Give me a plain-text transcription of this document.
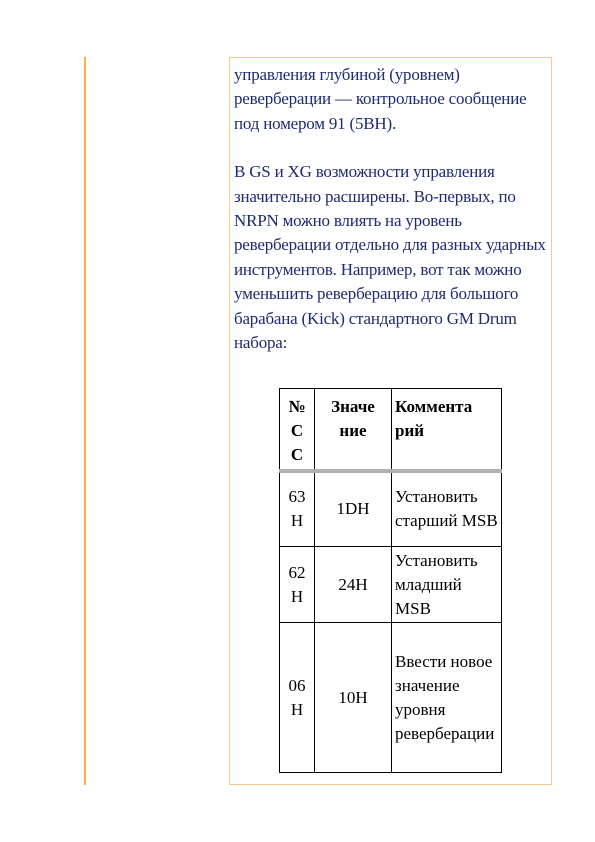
управления глубиной (уровнем) реверберации — контрольное сообщение под номером 91 (5BH).

В GS и XG возможности управления значительно расширены. Во-первых, по NRPN можно влиять на уровень реверберации отдельно для разных ударных инструментов. Например, вот так можно уменьшить реверберацию для большого барабана (Kick) стандартного GM Drum набора:

№ С С	Значе ние	Коммента рий
63 H	1DH	Установить старший MSB
62 H	24H	Установить младший MSB
06 H	10H	Ввести новое значение уровня реверберации
